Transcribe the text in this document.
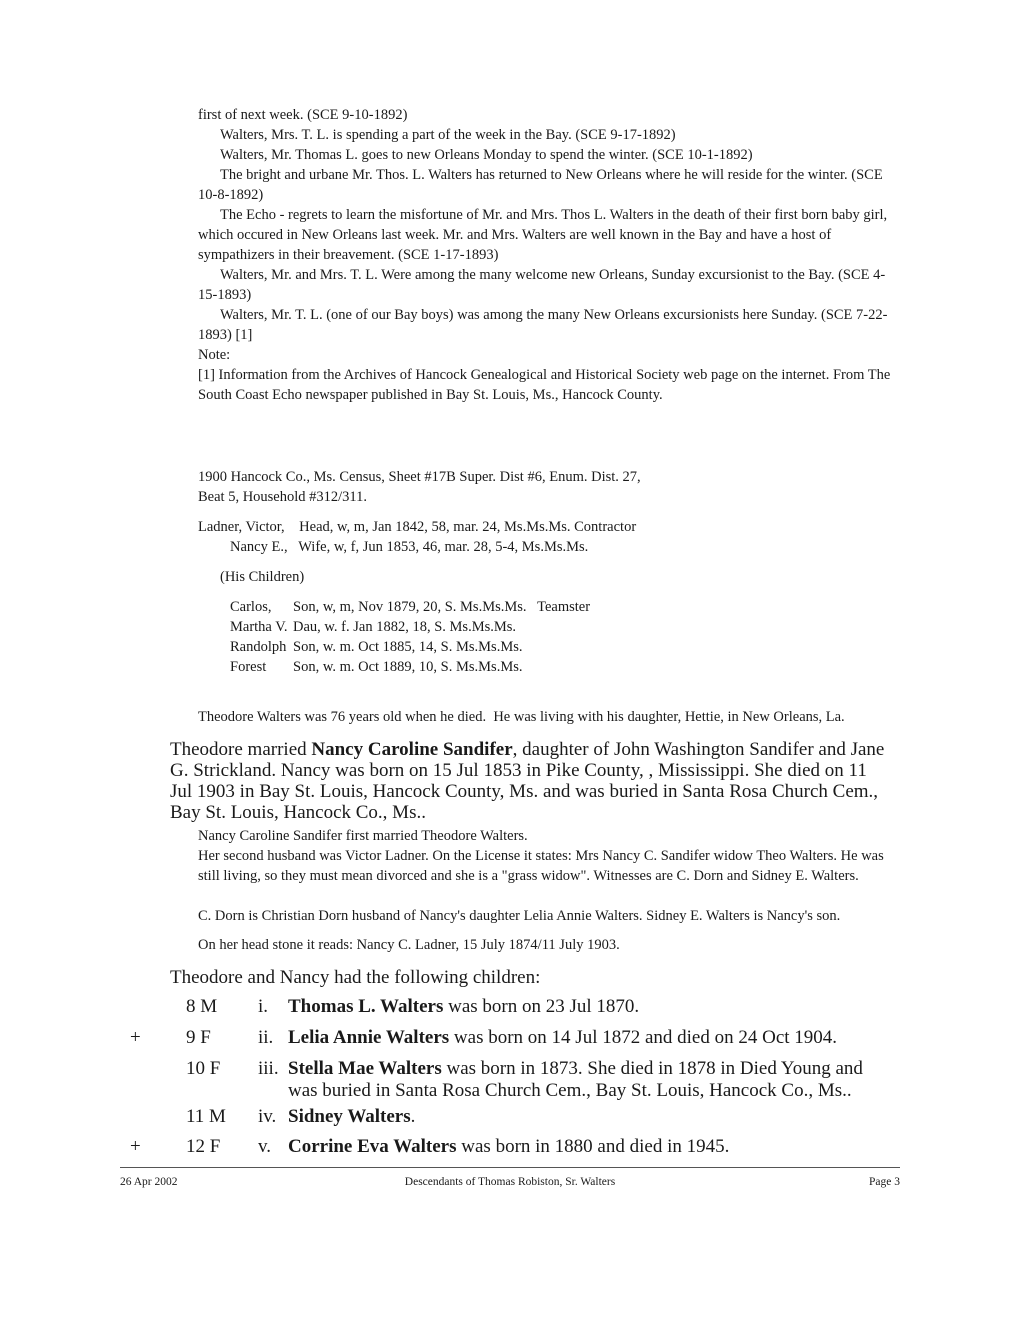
first of next week. (SCE 9-10-1892)

Walters, Mrs. T. L. is spending a part of the week in the Bay. (SCE 9-17-1892)

Walters, Mr. Thomas L. goes to new Orleans Monday to spend the winter. (SCE 10-1-1892)

The bright and urbane Mr. Thos. L. Walters has returned to New Orleans where he will reside for the winter. (SCE 10-8-1892)

The Echo - regrets to learn the misfortune of Mr. and Mrs. Thos L. Walters in the death of their first born baby girl, which occured in New Orleans last week. Mr. and Mrs. Walters are well known in the Bay and have a host of sympathizers in their breavement. (SCE 1-17-1893)

Walters, Mr. and Mrs. T. L. Were among the many welcome new Orleans, Sunday excursionist to the Bay. (SCE 4-15-1893)

Walters, Mr. T. L. (one of our Bay boys) was among the many New Orleans excursionists here Sunday. (SCE 7-22-1893) [1]

Note:

[1] Information from the Archives of Hancock Genealogical and Historical Society web page on the internet. From The South Coast Echo newspaper published in Bay St. Louis, Ms., Hancock County.

1900 Hancock Co., Ms. Census, Sheet #17B Super. Dist #6, Enum. Dist. 27, Beat 5, Household #312/311.

Ladner, Victor,    Head, w, m, Jan 1842, 58, mar. 24, Ms.Ms.Ms. Contractor

Nancy E.,   Wife, w, f, Jun 1853, 46, mar. 28, 5-4, Ms.Ms.Ms.

(His Children)

Carlos, Son, w, m, Nov 1879, 20, S. Ms.Ms.Ms.   Teamster
Martha V. Dau, w. f. Jan 1882, 18, S. Ms.Ms.Ms.
Randolph Son, w. m. Oct 1885, 14, S. Ms.Ms.Ms.
Forest Son, w. m. Oct 1889, 10, S. Ms.Ms.Ms.

Theodore Walters was 76 years old when he died.  He was living with his daughter, Hettie, in New Orleans, La.

Theodore married Nancy Caroline Sandifer, daughter of John Washington Sandifer and Jane G. Strickland. Nancy was born on 15 Jul 1853 in Pike County, , Mississippi. She died on 11 Jul 1903 in Bay St. Louis, Hancock County, Ms. and was buried in Santa Rosa Church Cem., Bay St. Louis, Hancock Co., Ms..

Nancy Caroline Sandifer first married Theodore Walters.

Her second husband was Victor Ladner. On the License it states: Mrs Nancy C. Sandifer widow Theo Walters. He was still living, so they must mean divorced and she is a "grass widow". Witnesses are C. Dorn and Sidney E. Walters.

C. Dorn is Christian Dorn husband of Nancy's daughter Lelia Annie Walters. Sidney E. Walters is Nancy's son.

On her head stone it reads: Nancy C. Ladner, 15 July 1874/11 July 1903.

Theodore and Nancy had the following children:

8 M i. Thomas L. Walters was born on 23 Jul 1870.
+ 9 F ii. Lelia Annie Walters was born on 14 Jul 1872 and died on 24 Oct 1904.
10 F iii. Stella Mae Walters was born in 1873. She died in 1878 in Died Young and was buried in Santa Rosa Church Cem., Bay St. Louis, Hancock Co., Ms..
11 M iv. Sidney Walters.
+ 12 F v. Corrine Eva Walters was born in 1880 and died in 1945.
26 Apr 2002	Descendants of Thomas Robiston, Sr. Walters	Page 3
